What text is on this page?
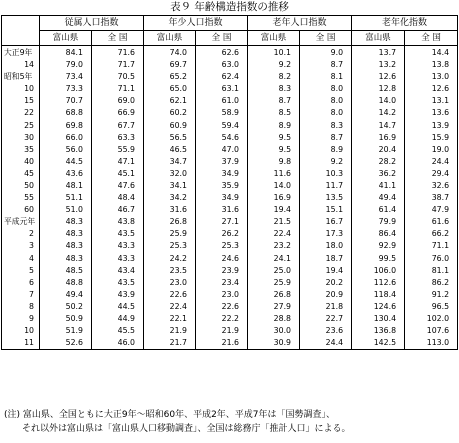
表９ 年齢構造指数の推移
	従属人口指数		年少人口指数		老年人口指数		老年化指数	
	富山県	全 国	富山県	全 国	富山県	全 国	富山県	全 国
大正9年	84.1	71.6	74.0	62.6	10.1	9.0	13.7	14.4
14	79.0	71.7	69.7	63.0	9.2	8.7	13.2	13.8
昭和5年	73.4	70.5	65.2	62.4	8.2	8.1	12.6	13.0
10	73.3	71.1	65.0	63.1	8.3	8.0	12.8	12.6
15	70.7	69.0	62.1	61.0	8.7	8.0	14.0	13.1
22	68.8	66.9	60.2	58.9	8.5	8.0	14.2	13.6
25	69.8	67.7	60.9	59.4	8.9	8.3	14.7	13.9
30	66.0	63.3	56.5	54.6	9.5	8.7	16.9	15.9
35	56.0	55.9	46.5	47.0	9.5	8.9	20.4	19.0
40	44.5	47.1	34.7	37.9	9.8	9.2	28.2	24.4
45	43.6	45.1	32.0	34.9	11.6	10.3	36.2	29.4
50	48.1	47.6	34.1	35.9	14.0	11.7	41.1	32.6
55	51.1	48.4	34.2	34.9	16.9	13.5	49.4	38.7
60	51.0	46.7	31.6	31.6	19.4	15.1	61.4	47.9
平成元年	48.3	43.8	26.8	27.1	21.5	16.7	79.9	61.6
2	48.3	43.5	25.9	26.2	22.4	17.3	86.4	66.2
3	48.3	43.3	25.3	25.3	23.2	18.0	92.9	71.1
4	48.3	43.3	24.2	24.6	24.1	18.7	99.5	76.0
5	48.5	43.4	23.5	23.9	25.0	19.4	106.0	81.1
6	48.8	43.5	23.0	23.4	25.9	20.2	112.6	86.2
7	49.4	43.9	22.6	23.0	26.8	20.9	118.4	91.2
8	50.2	44.5	22.4	22.6	27.9	21.8	124.6	96.5
9	50.9	44.9	22.1	22.2	28.8	22.7	130.4	102.0
10	51.9	45.5	21.9	21.9	30.0	23.6	136.8	107.6
11	52.6	46.0	21.7	21.6	30.9	24.4	142.5	113.0
(注) 富山県、全国ともに大正9年～昭和60年、平成2年、平成7年は「国勢調査」、
それ以外は富山県は「富山県人口移動調査」、全国は総務庁「推計人口」による。
